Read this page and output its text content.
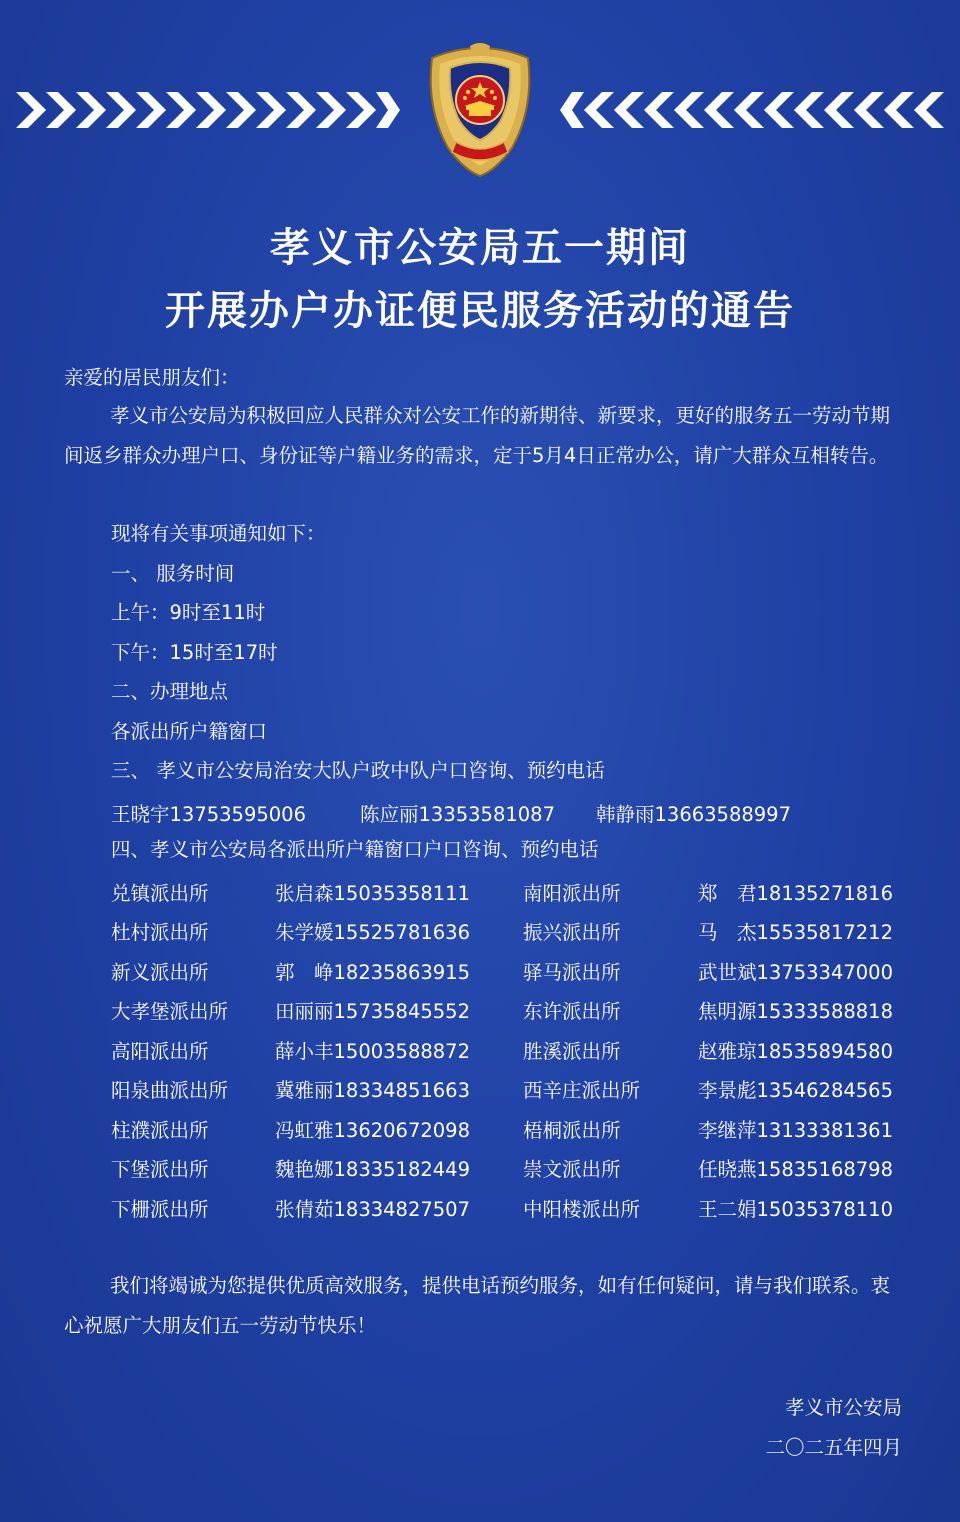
孝义市公安局五一期间
开展办户办证便民服务活动的通告
亲爱的居民朋友们：
孝义市公安局为积极回应人民群众对公安工作的新期待、新要求，更好的服务五一劳动节期间返乡群众办理户口、身份证等户籍业务的需求，定于5月4日正常办公，请广大群众互相转告。
现将有关事项通知如下：
一、 服务时间
上午：9时至11时
下午：15时至17时
二、办理地点
各派出所户籍窗口
三、 孝义市公安局治安大队户政中队户口咨询、预约电话
王晓宇13753595006	陈应丽13353581087 韩静雨13663588997
四、孝义市公安局各派出所户籍窗口户口咨询、预约电话
兑镇派出所	张启森15035358111	南阳派出所	郑　君18135271816
杜村派出所	朱学媛15525781636	振兴派出所	马　杰15535817212
新义派出所	郭　峥18235863915	驿马派出所	武世斌13753347000
大孝堡派出所 田丽丽15735845552	东许派出所	焦明源15333588818
高阳派出所	薛小丰15003588872	胜溪派出所	赵雅琼18535894580
阳泉曲派出所 冀雅丽18334851663	西辛庄派出所	李景彪13546284565
柱濮派出所	冯虹雅13620672098	梧桐派出所	李继萍13133381361
下堡派出所	魏艳娜18335182449	崇文派出所	任晓燕15835168798
下栅派出所	张倩茹18334827507	中阳楼派出所	王二娟15035378110
我们将竭诚为您提供优质高效服务，提供电话预约服务，如有任何疑问，请与我们联系。衷心祝愿广大朋友们五一劳动节快乐！
孝义市公安局
二〇二五年四月
